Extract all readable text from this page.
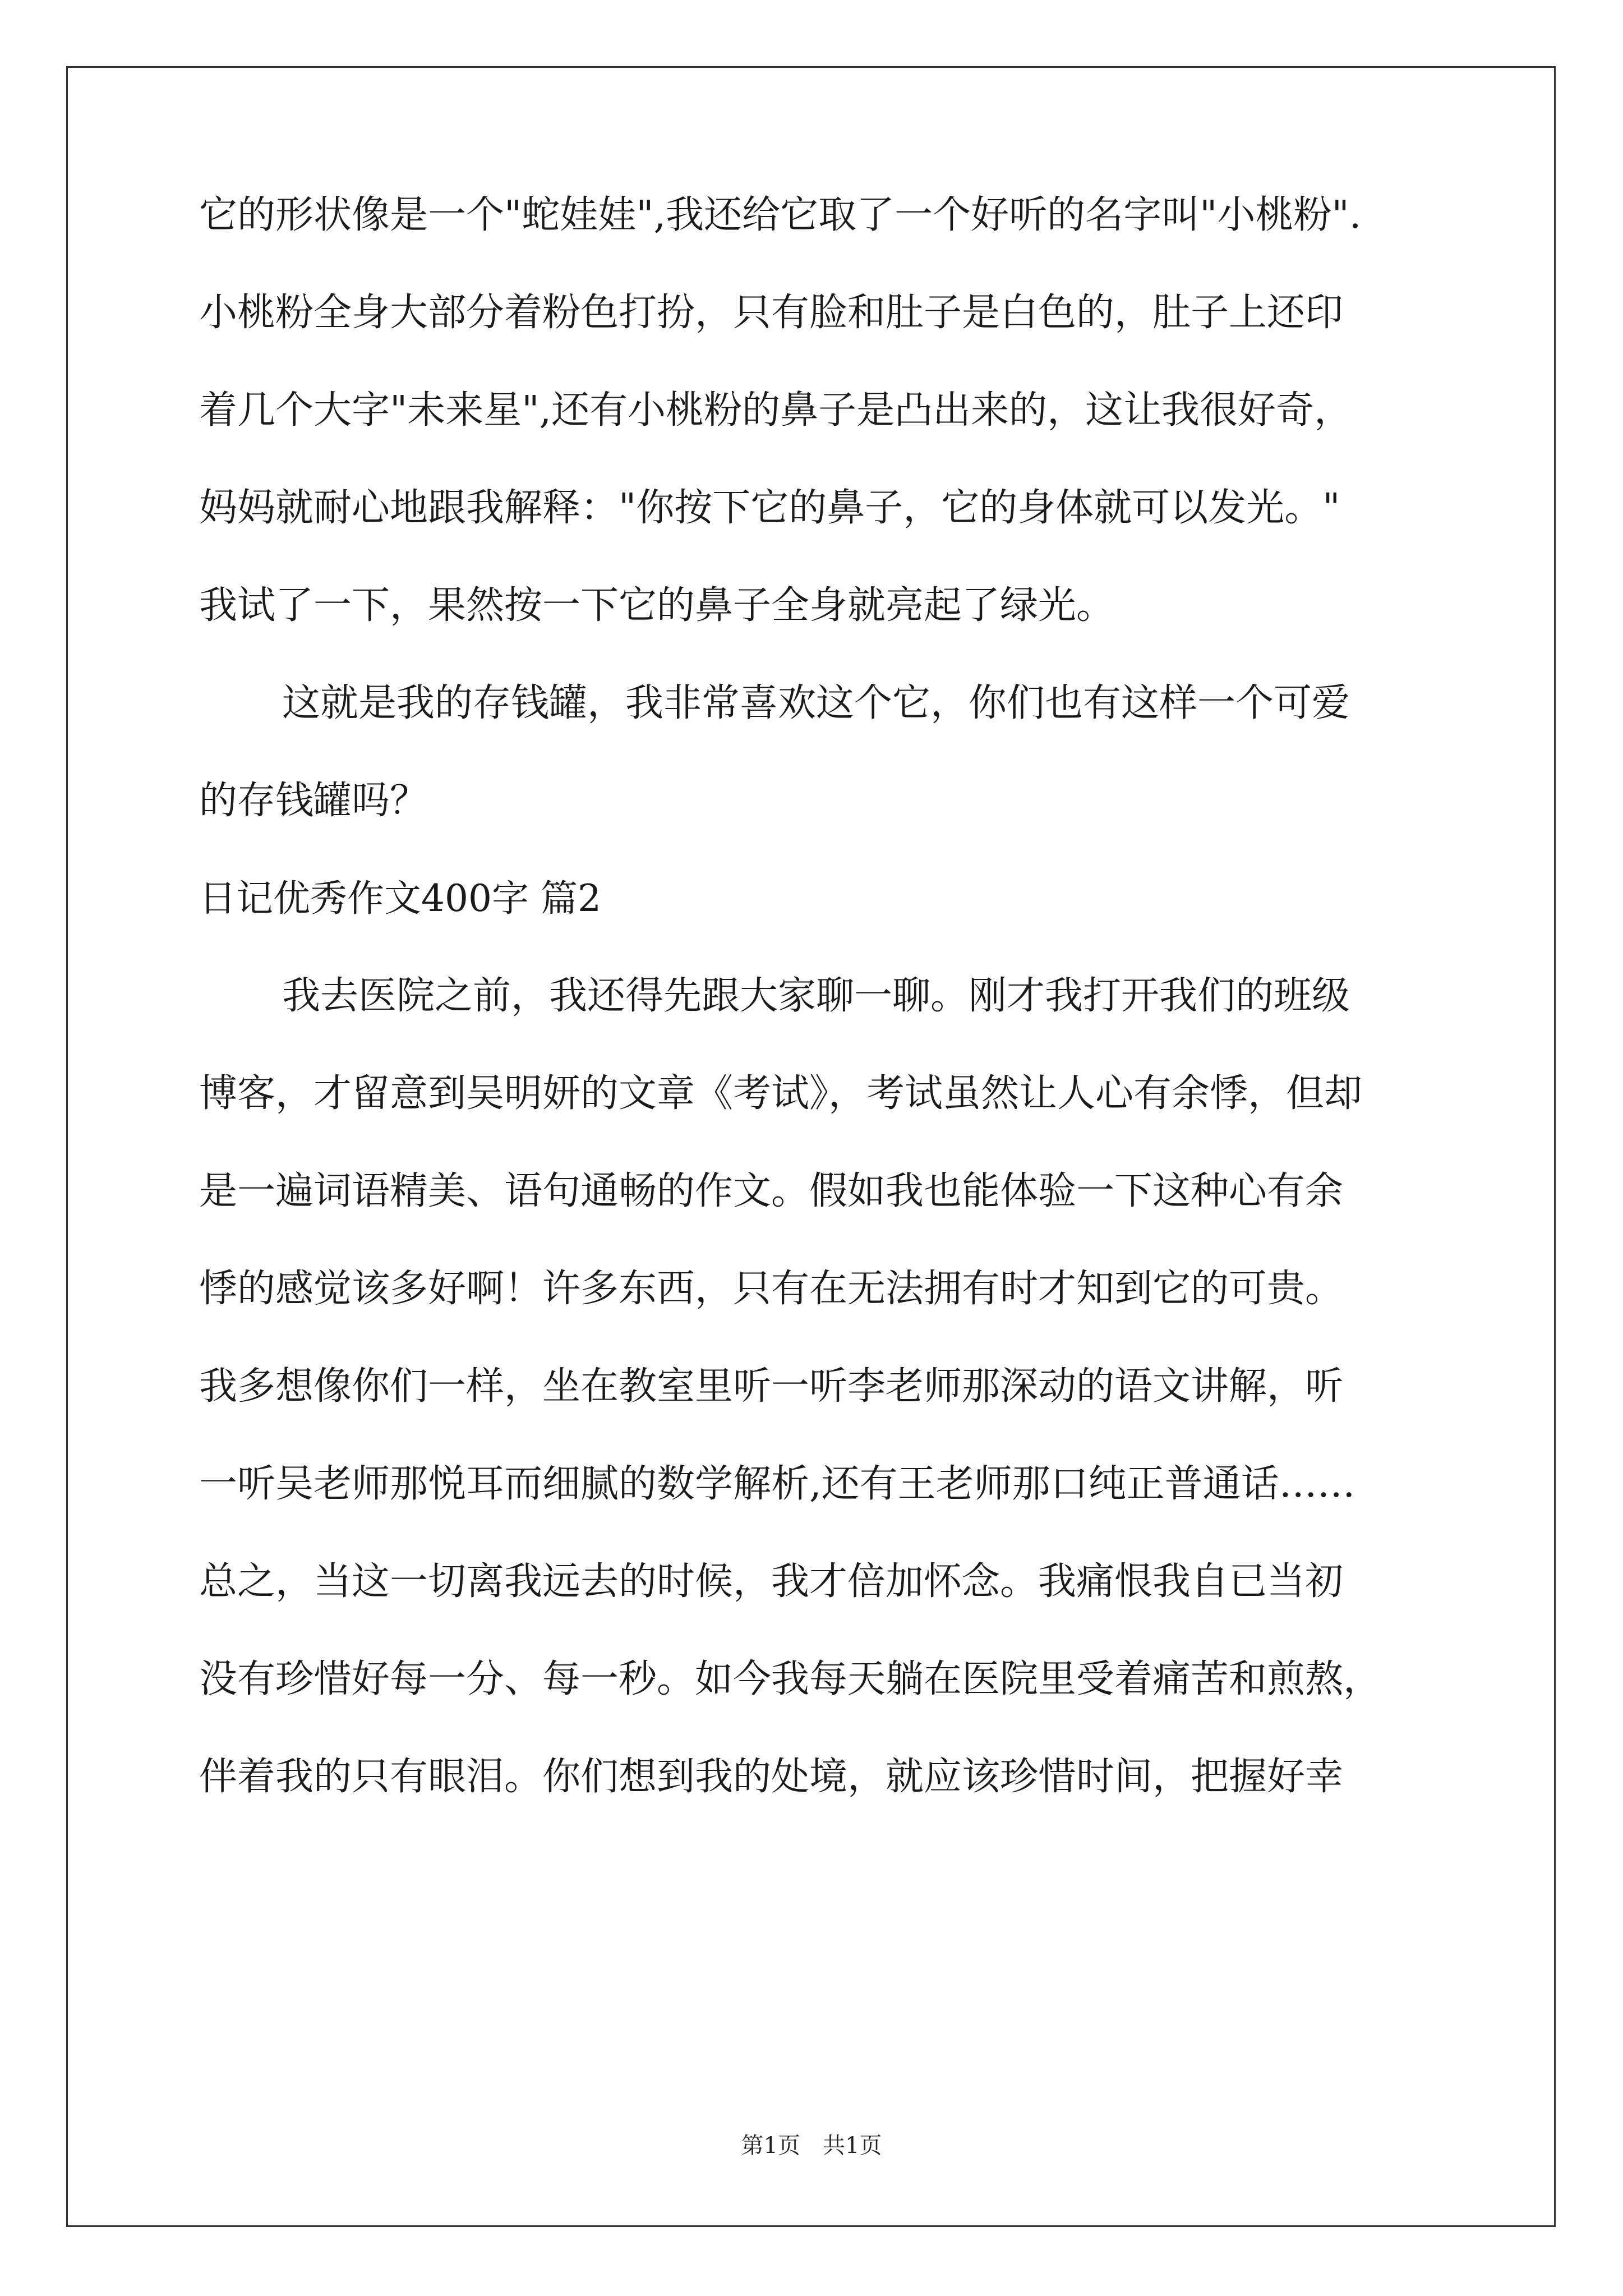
它的形状像是一个"蛇娃娃",我还给它取了一个好听的名字叫"小桃粉".
小桃粉全身大部分着粉色打扮，只有脸和肚子是白色的，肚子上还印
着几个大字"未来星",还有小桃粉的鼻子是凸出来的，这让我很好奇，
妈妈就耐心地跟我解释："你按下它的鼻子，它的身体就可以发光。"
我试了一下，果然按一下它的鼻子全身就亮起了绿光。
这就是我的存钱罐，我非常喜欢这个它，你们也有这样一个可爱
的存钱罐吗？
日记优秀作文400字 篇2
我去医院之前，我还得先跟大家聊一聊。刚才我打开我们的班级
博客，才留意到吴明妍的文章《考试》，考试虽然让人心有余悸，但却
是一遍词语精美、语句通畅的作文。假如我也能体验一下这种心有余
悸的感觉该多好啊！许多东西，只有在无法拥有时才知到它的可贵。
我多想像你们一样，坐在教室里听一听李老师那深动的语文讲解，听
一听吴老师那悦耳而细腻的数学解析,还有王老师那口纯正普通话……
总之，当这一切离我远去的时候，我才倍加怀念。我痛恨我自已当初
没有珍惜好每一分、每一秒。如今我每天躺在医院里受着痛苦和煎熬，
伴着我的只有眼泪。你们想到我的处境，就应该珍惜时间，把握好幸
第1页　共1页
